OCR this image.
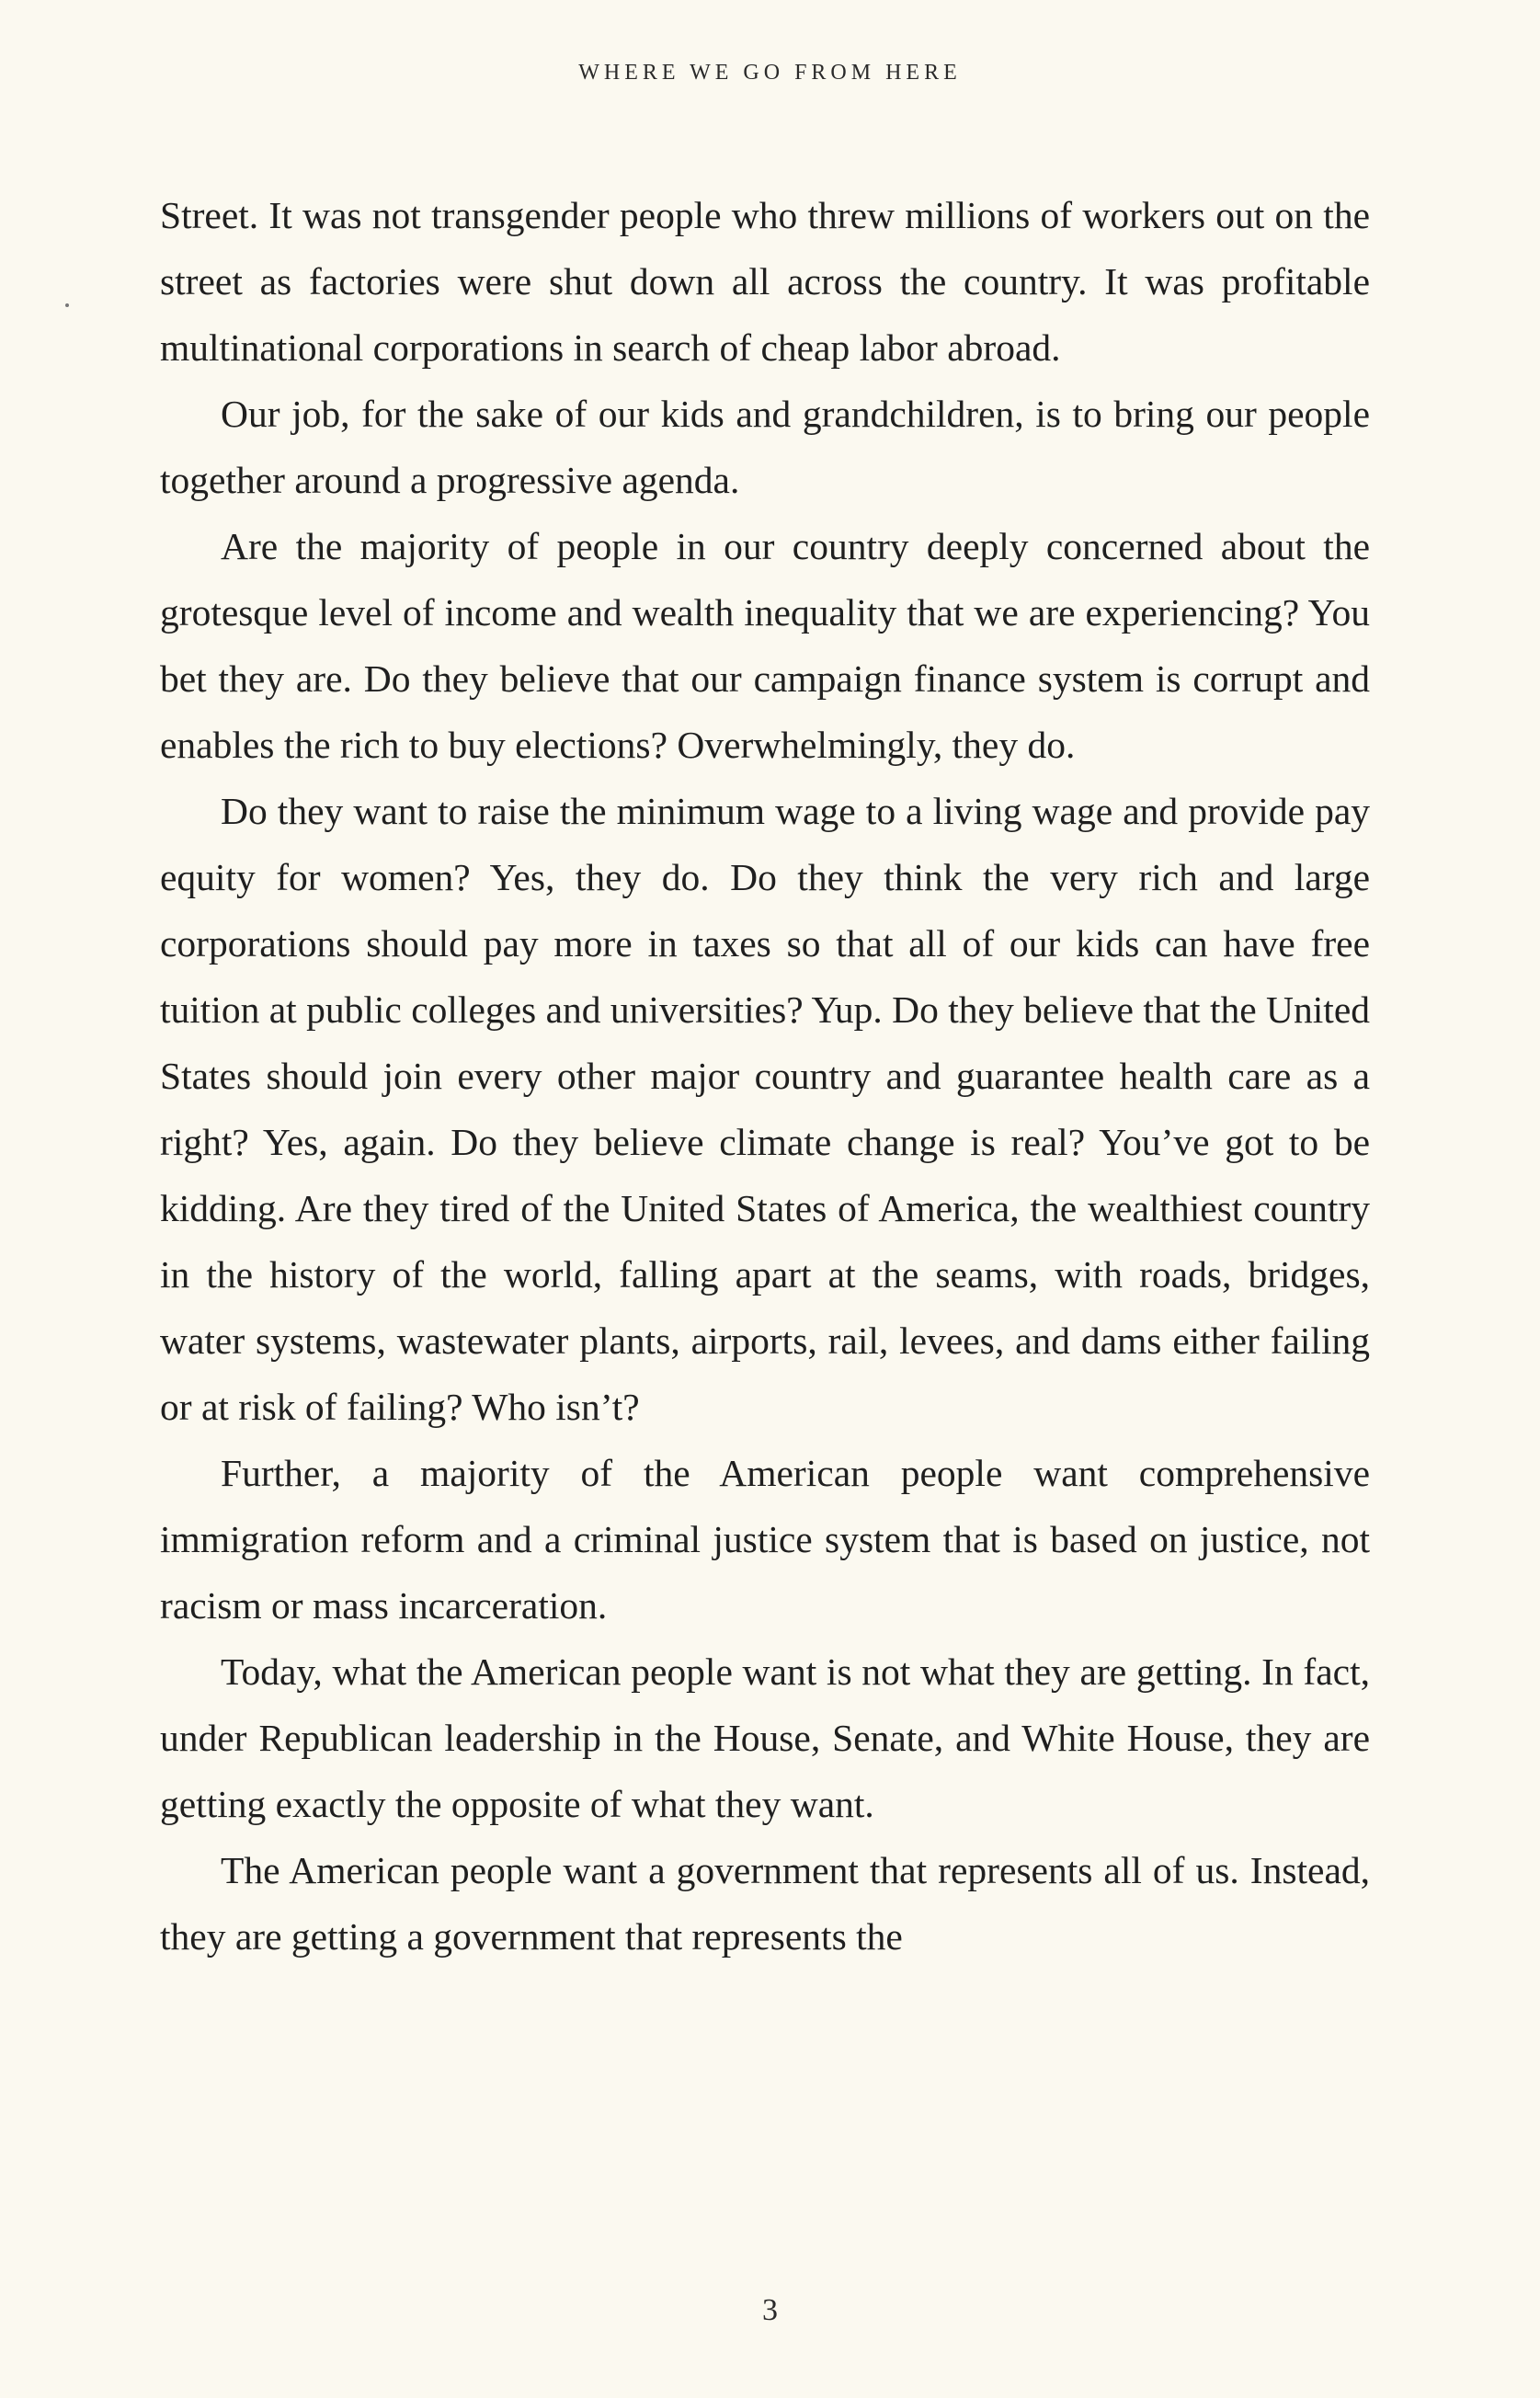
WHERE WE GO FROM HERE

Street. It was not transgender people who threw millions of workers out on the street as factories were shut down all across the country. It was profitable multinational corporations in search of cheap labor abroad.

Our job, for the sake of our kids and grandchildren, is to bring our people together around a progressive agenda.

Are the majority of people in our country deeply concerned about the grotesque level of income and wealth inequality that we are experiencing? You bet they are. Do they believe that our campaign finance system is corrupt and enables the rich to buy elections? Overwhelmingly, they do.

Do they want to raise the minimum wage to a living wage and provide pay equity for women? Yes, they do. Do they think the very rich and large corporations should pay more in taxes so that all of our kids can have free tuition at public colleges and universities? Yup. Do they believe that the United States should join every other major country and guarantee health care as a right? Yes, again. Do they believe climate change is real? You’ve got to be kidding. Are they tired of the United States of America, the wealthiest country in the history of the world, falling apart at the seams, with roads, bridges, water systems, wastewater plants, airports, rail, levees, and dams either failing or at risk of failing? Who isn’t?

Further, a majority of the American people want comprehensive immigration reform and a criminal justice system that is based on justice, not racism or mass incarceration.

Today, what the American people want is not what they are getting. In fact, under Republican leadership in the House, Senate, and White House, they are getting exactly the opposite of what they want.

The American people want a government that represents all of us. Instead, they are getting a government that represents the

3
